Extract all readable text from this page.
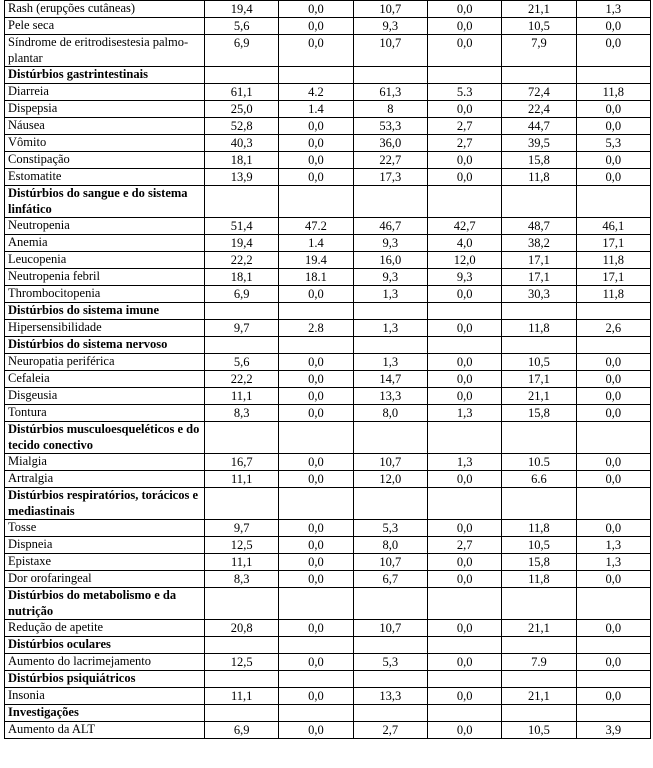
Rash (erupções cutâneas)	19,4	0,0	10,7	0,0	21,1	1,3
Pele seca	5,6	0,0	9,3	0,0	10,5	0,0
Síndrome de eritrodisestesia palmo-plantar	6,9	0,0	10,7	0,0	7,9	0,0
Distúrbios gastrintestinais						
Diarreia	61,1	4.2	61,3	5.3	72,4	11,8
Dispepsia	25,0	1.4	8	0,0	22,4	0,0
Náusea	52,8	0,0	53,3	2,7	44,7	0,0
Vômito	40,3	0,0	36,0	2,7	39,5	5,3
Constipação	18,1	0,0	22,7	0,0	15,8	0,0
Estomatite	13,9	0,0	17,3	0,0	11,8	0,0
Distúrbios do sangue e do sistema linfático						
Neutropenia	51,4	47.2	46,7	42,7	48,7	46,1
Anemia	19,4	1.4	9,3	4,0	38,2	17,1
Leucopenia	22,2	19.4	16,0	12,0	17,1	11,8
Neutropenia febril	18,1	18.1	9,3	9,3	17,1	17,1
Thrombocitopenia	6,9	0,0	1,3	0,0	30,3	11,8
Distúrbios do sistema imune						
Hipersensibilidade	9,7	2.8	1,3	0,0	11,8	2,6
Distúrbios do sistema nervoso						
Neuropatia periférica	5,6	0,0	1,3	0,0	10,5	0,0
Cefaleia	22,2	0,0	14,7	0,0	17,1	0,0
Disgeusia	11,1	0,0	13,3	0,0	21,1	0,0
Tontura	8,3	0,0	8,0	1,3	15,8	0,0
Distúrbios musculoesqueléticos e do tecido conectivo						
Mialgia	16,7	0,0	10,7	1,3	10.5	0,0
Artralgia	11,1	0,0	12,0	0,0	6.6	0,0
Distúrbios respiratórios, torácicos e mediastinais						
Tosse	9,7	0,0	5,3	0,0	11,8	0,0
Dispneia	12,5	0,0	8,0	2,7	10,5	1,3
Epistaxe	11,1	0,0	10,7	0,0	15,8	1,3
Dor orofaringeal	8,3	0,0	6,7	0,0	11,8	0,0
Distúrbios do metabolismo e da nutrição						
Redução de apetite	20,8	0,0	10,7	0,0	21,1	0,0
Distúrbios oculares						
Aumento do lacrimejamento	12,5	0,0	5,3	0,0	7.9	0,0
Distúrbios psiquiátricos						
Insonia	11,1	0,0	13,3	0,0	21,1	0,0
Investigações						
Aumento da ALT	6,9	0,0	2,7	0,0	10,5	3,9
